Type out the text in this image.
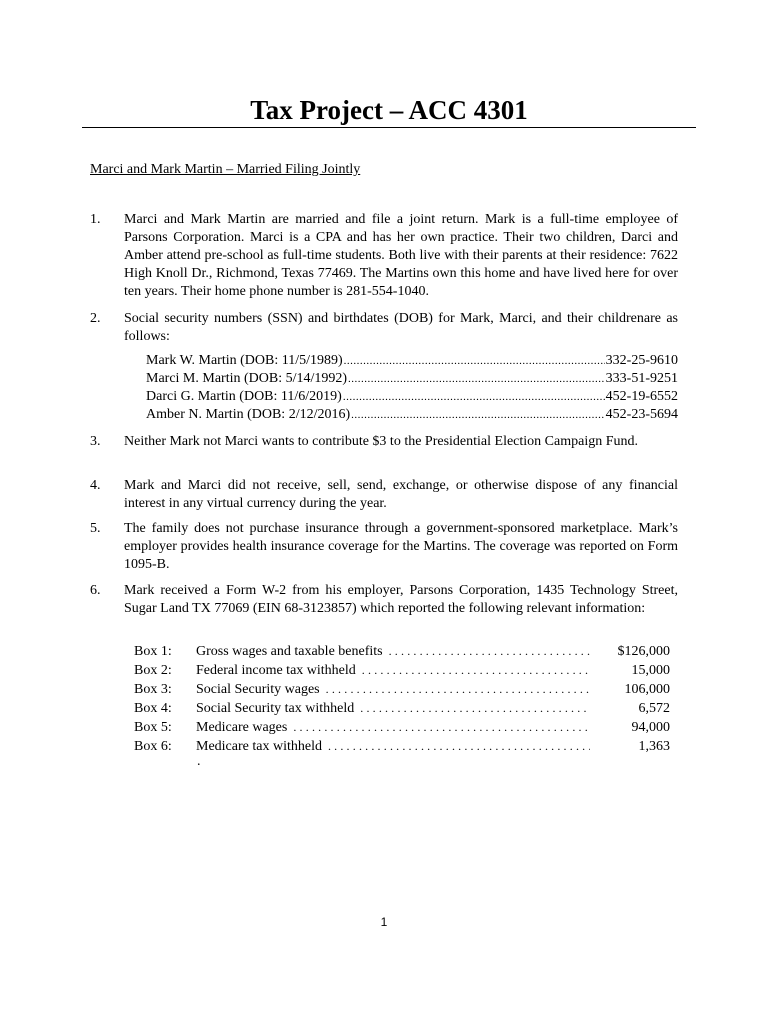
Tax Project – ACC 4301
Marci and Mark Martin – Married Filing Jointly
1.	Marci and Mark Martin are married and file a joint return. Mark is a full-time employee of Parsons Corporation. Marci is a CPA and has her own practice. Their two children, Darci and Amber attend pre-school as full-time students. Both live with their parents at their residence: 7622 High Knoll Dr., Richmond, Texas 77469. The Martins own this home and have lived here for over ten years. Their home phone number is 281-554-1040.

2.	Social security numbers (SSN) and birthdates (DOB) for Mark, Marci, and their childrenare as follows:

Mark W. Martin (DOB: 11/5/1989) .....	332-25-9610
Marci M. Martin (DOB: 5/14/1992) .....	333-51-9251
Darci G. Martin (DOB: 11/6/2019) .....	452-19-6552
Amber N. Martin (DOB: 2/12/2016) .....	452-23-5694
3.	Neither Mark not Marci wants to contribute $3 to the Presidential Election Campaign Fund.

4.	Mark and Marci did not receive, sell, send, exchange, or otherwise dispose of any financial interest in any virtual currency during the year.

5.	The family does not purchase insurance through a government-sponsored marketplace. Mark’s employer provides health insurance coverage for the Martins. The coverage was reported on Form 1095-B.

6.	Mark received a Form W-2 from his employer, Parsons Corporation, 1435 Technology Street, Sugar Land TX 77069 (EIN 68-3123857) which reported the following relevant information:

Box 1:	Gross wages and taxable benefits .....	$126,000
Box 2:	Federal income tax withheld .....	15,000
Box 3:	Social Security wages .....	106,000
Box 4:	Social Security tax withheld .....	6,572
Box 5:	Medicare wages .....	94,000
Box 6:	Medicare tax withheld .....	1,363
.
1
